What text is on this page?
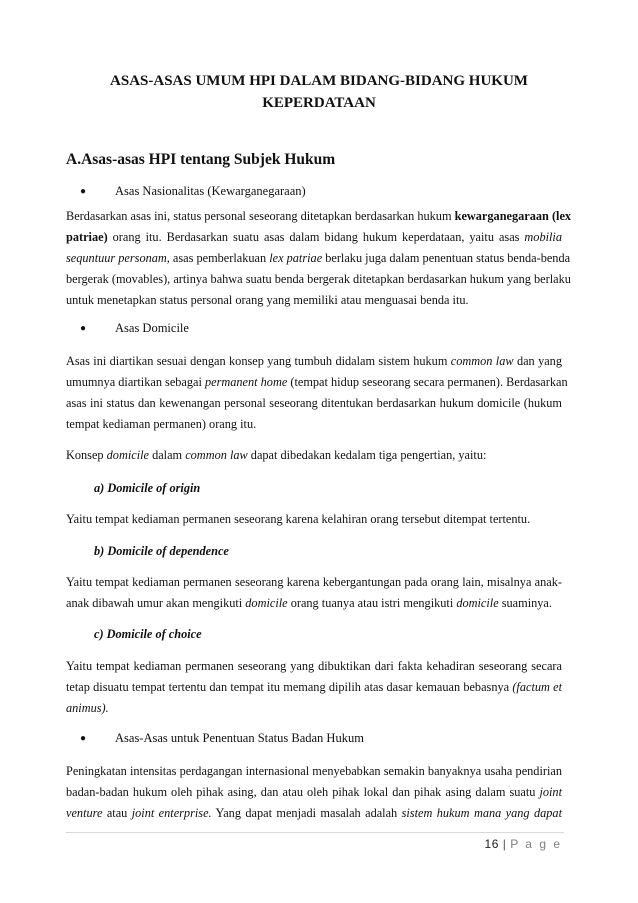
ASAS-ASAS UMUM HPI DALAM BIDANG-BIDANG HUKUM
KEPERDATAAN
A.Asas-asas HPI tentang Subjek Hukum
● Asas Nasionalitas (Kewarganegaraan)
Berdasarkan asas ini, status personal seseorang ditetapkan berdasarkan hukum kewarganegaraan (lex
patriae) orang itu. Berdasarkan suatu asas dalam bidang hukum keperdataan, yaitu asas mobilia
sequntuur personam, asas pemberlakuan lex patriae berlaku juga dalam penentuan status benda-benda
bergerak (movables), artinya bahwa suatu benda bergerak ditetapkan berdasarkan hukum yang berlaku
untuk menetapkan status personal orang yang memiliki atau menguasai benda itu.
● Asas Domicile
Asas ini diartikan sesuai dengan konsep yang tumbuh didalam sistem hukum common law dan yang
umumnya diartikan sebagai permanent home (tempat hidup seseorang secara permanen). Berdasarkan
asas ini status dan kewenangan personal seseorang ditentukan berdasarkan hukum domicile (hukum
tempat kediaman permanen) orang itu.
Konsep domicile dalam common law dapat dibedakan kedalam tiga pengertian, yaitu:
a) Domicile of origin
Yaitu tempat kediaman permanen seseorang karena kelahiran orang tersebut ditempat tertentu.
b) Domicile of dependence
Yaitu tempat kediaman permanen seseorang karena kebergantungan pada orang lain, misalnya anak-
anak dibawah umur akan mengikuti domicile orang tuanya atau istri mengikuti domicile suaminya.
c) Domicile of choice
Yaitu tempat kediaman permanen seseorang yang dibuktikan dari fakta kehadiran seseorang secara
tetap disuatu tempat tertentu dan tempat itu memang dipilih atas dasar kemauan bebasnya (factum et
animus).
● Asas-Asas untuk Penentuan Status Badan Hukum
Peningkatan intensitas perdagangan internasional menyebabkan semakin banyaknya usaha pendirian
badan-badan hukum oleh pihak asing, dan atau oleh pihak lokal dan pihak asing dalam suatu joint
venture atau joint enterprise. Yang dapat menjadi masalah adalah sistem hukum mana yang dapat
16 | P a g e
